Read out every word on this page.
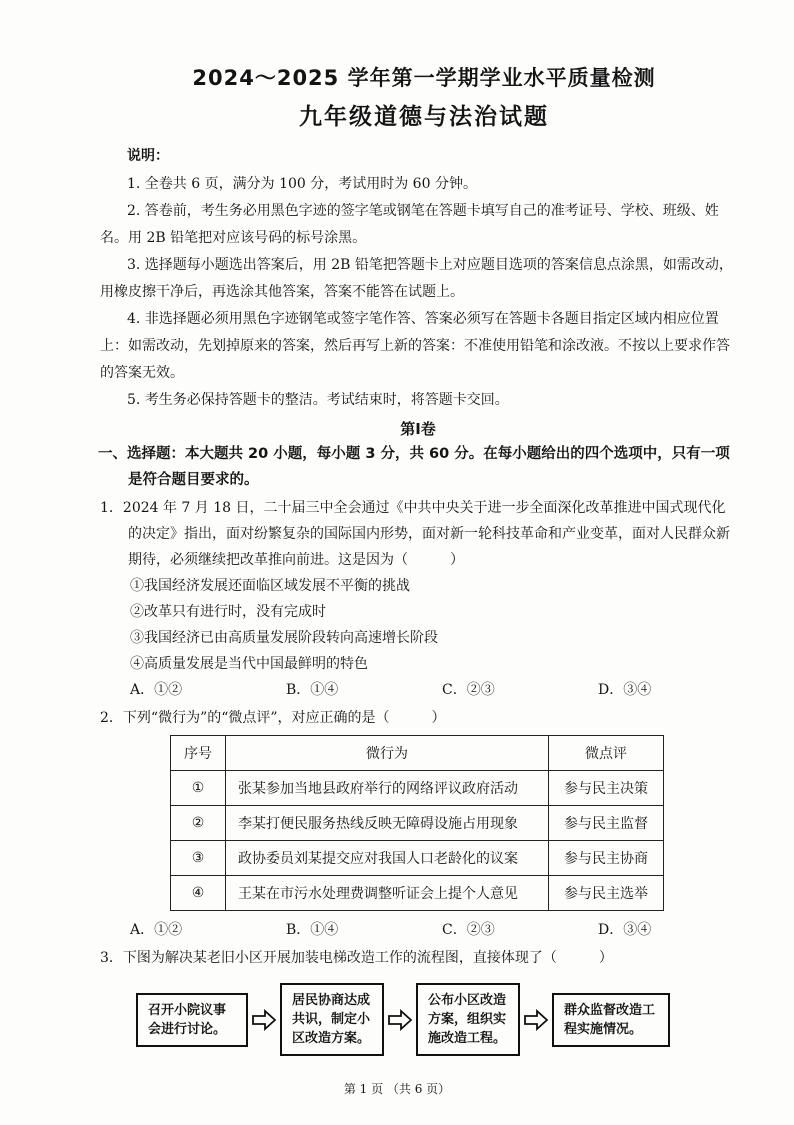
2024～2025 学年第一学期学业水平质量检测
九年级道德与法治试题
说明：

1. 全卷共 6 页，满分为 100 分，考试用时为 60 分钟。

2. 答卷前，考生务必用黑色字迹的签字笔或钢笔在答题卡填写自己的准考证号、学校、班级、姓名。用 2B 铅笔把对应该号码的标号涂黑。

3. 选择题每小题选出答案后，用 2B 铅笔把答题卡上对应题目选项的答案信息点涂黑，如需改动，用橡皮擦干净后，再选涂其他答案，答案不能答在试题上。

4. 非选择题必须用黑色字迹钢笔或签字笔作答、答案必须写在答题卡各题目指定区域内相应位置上：如需改动，先划掉原来的答案，然后再写上新的答案：不准使用铅笔和涂改液。不按以上要求作答的答案无效。

5. 考生务必保持答题卡的整洁。考试结束时，将答题卡交回。

第Ⅰ卷
一、选择题：本大题共 20 小题，每小题 3 分，共 60 分。在每小题给出的四个选项中，只有一项是符合题目要求的。

1．2024 年 7 月 18 日，二十届三中全会通过《中共中央关于进一步全面深化改革推进中国式现代化的决定》指出，面对纷繁复杂的国际国内形势，面对新一轮科技革命和产业变革，面对人民群众新期待，必须继续把改革推向前进。这是因为（　　　）

①我国经济发展还面临区域发展不平衡的挑战

②改革只有进行时，没有完成时

③我国经济已由高质量发展阶段转向高速增长阶段

④高质量发展是当代中国最鲜明的特色

A．①②	B．①④	C．②③	D．③④

2．下列“微行为”的“微点评”，对应正确的是（　　　）

序号	微行为	微点评
①	张某参加当地县政府举行的网络评议政府活动	参与民主决策
②	李某打便民服务热线反映无障碍设施占用现象	参与民主监督
③	政协委员刘某提交应对我国人口老龄化的议案	参与民主协商
④	王某在市污水处理费调整听证会上提个人意见	参与民主选举
A．①②	B．①④	C．②③	D．③④

3．下图为解决某老旧小区开展加装电梯改造工作的流程图，直接体现了（　　　）

召开小院议事会进行讨论。
居民协商达成共识，制定小区改造方案。
公布小区改造方案，组织实施改造工程。
群众监督改造工程实施情况。
第 1 页 （共 6 页）
